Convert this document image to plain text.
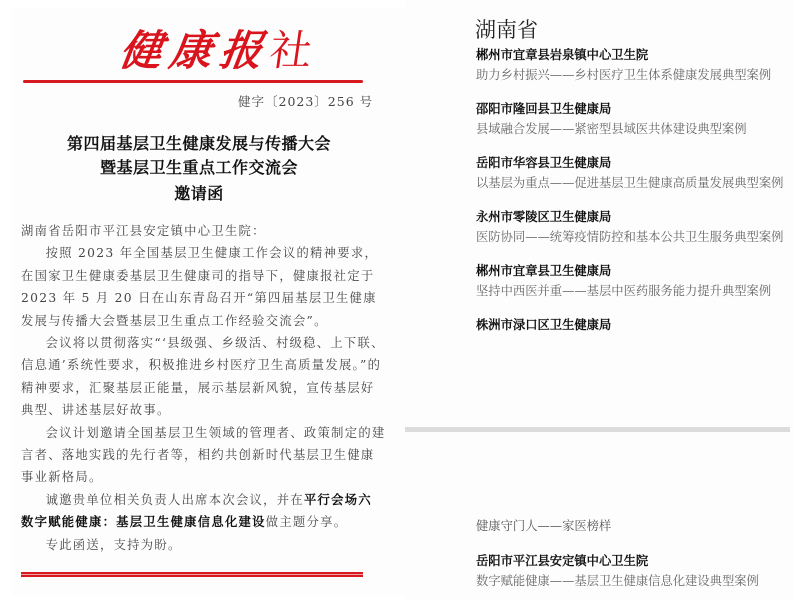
健康报社
健字〔2023〕256 号
第四届基层卫生健康发展与传播大会
暨基层卫生重点工作交流会
邀请函

湖南省岳阳市平江县安定镇中心卫生院：

按照 2023 年全国基层卫生健康工作会议的精神要求，在国家卫生健康委基层卫生健康司的指导下，健康报社定于 2023 年 5 月 20 日在山东青岛召开“第四届基层卫生健康发展与传播大会暨基层卫生重点工作经验交流会”。

会议将以贯彻落实“‘县级强、乡级活、村级稳、上下联、信息通’系统性要求，积极推进乡村医疗卫生高质量发展。”的精神要求，汇聚基层正能量，展示基层新风貌，宣传基层好典型、讲述基层好故事。

会议计划邀请全国基层卫生领域的管理者、政策制定的建言者、落地实践的先行者等，相约共创新时代基层卫生健康事业新格局。

诚邀贵单位相关负责人出席本次会议，并在平行会场六 数字赋能健康：基层卫生健康信息化建设做主题分享。

专此函送，支持为盼。

湖南省
郴州市宜章县岩泉镇中心卫生院
助力乡村振兴——乡村医疗卫生体系健康发展典型案例
邵阳市隆回县卫生健康局
县域融合发展——紧密型县域医共体建设典型案例
岳阳市华容县卫生健康局
以基层为重点——促进基层卫生健康高质量发展典型案例
永州市零陵区卫生健康局
医防协同——统筹疫情防控和基本公共卫生服务典型案例
郴州市宜章县卫生健康局
坚持中西医并重——基层中医药服务能力提升典型案例
株洲市渌口区卫生健康局
健康守门人——家医榜样
岳阳市平江县安定镇中心卫生院
数字赋能健康——基层卫生健康信息化建设典型案例
